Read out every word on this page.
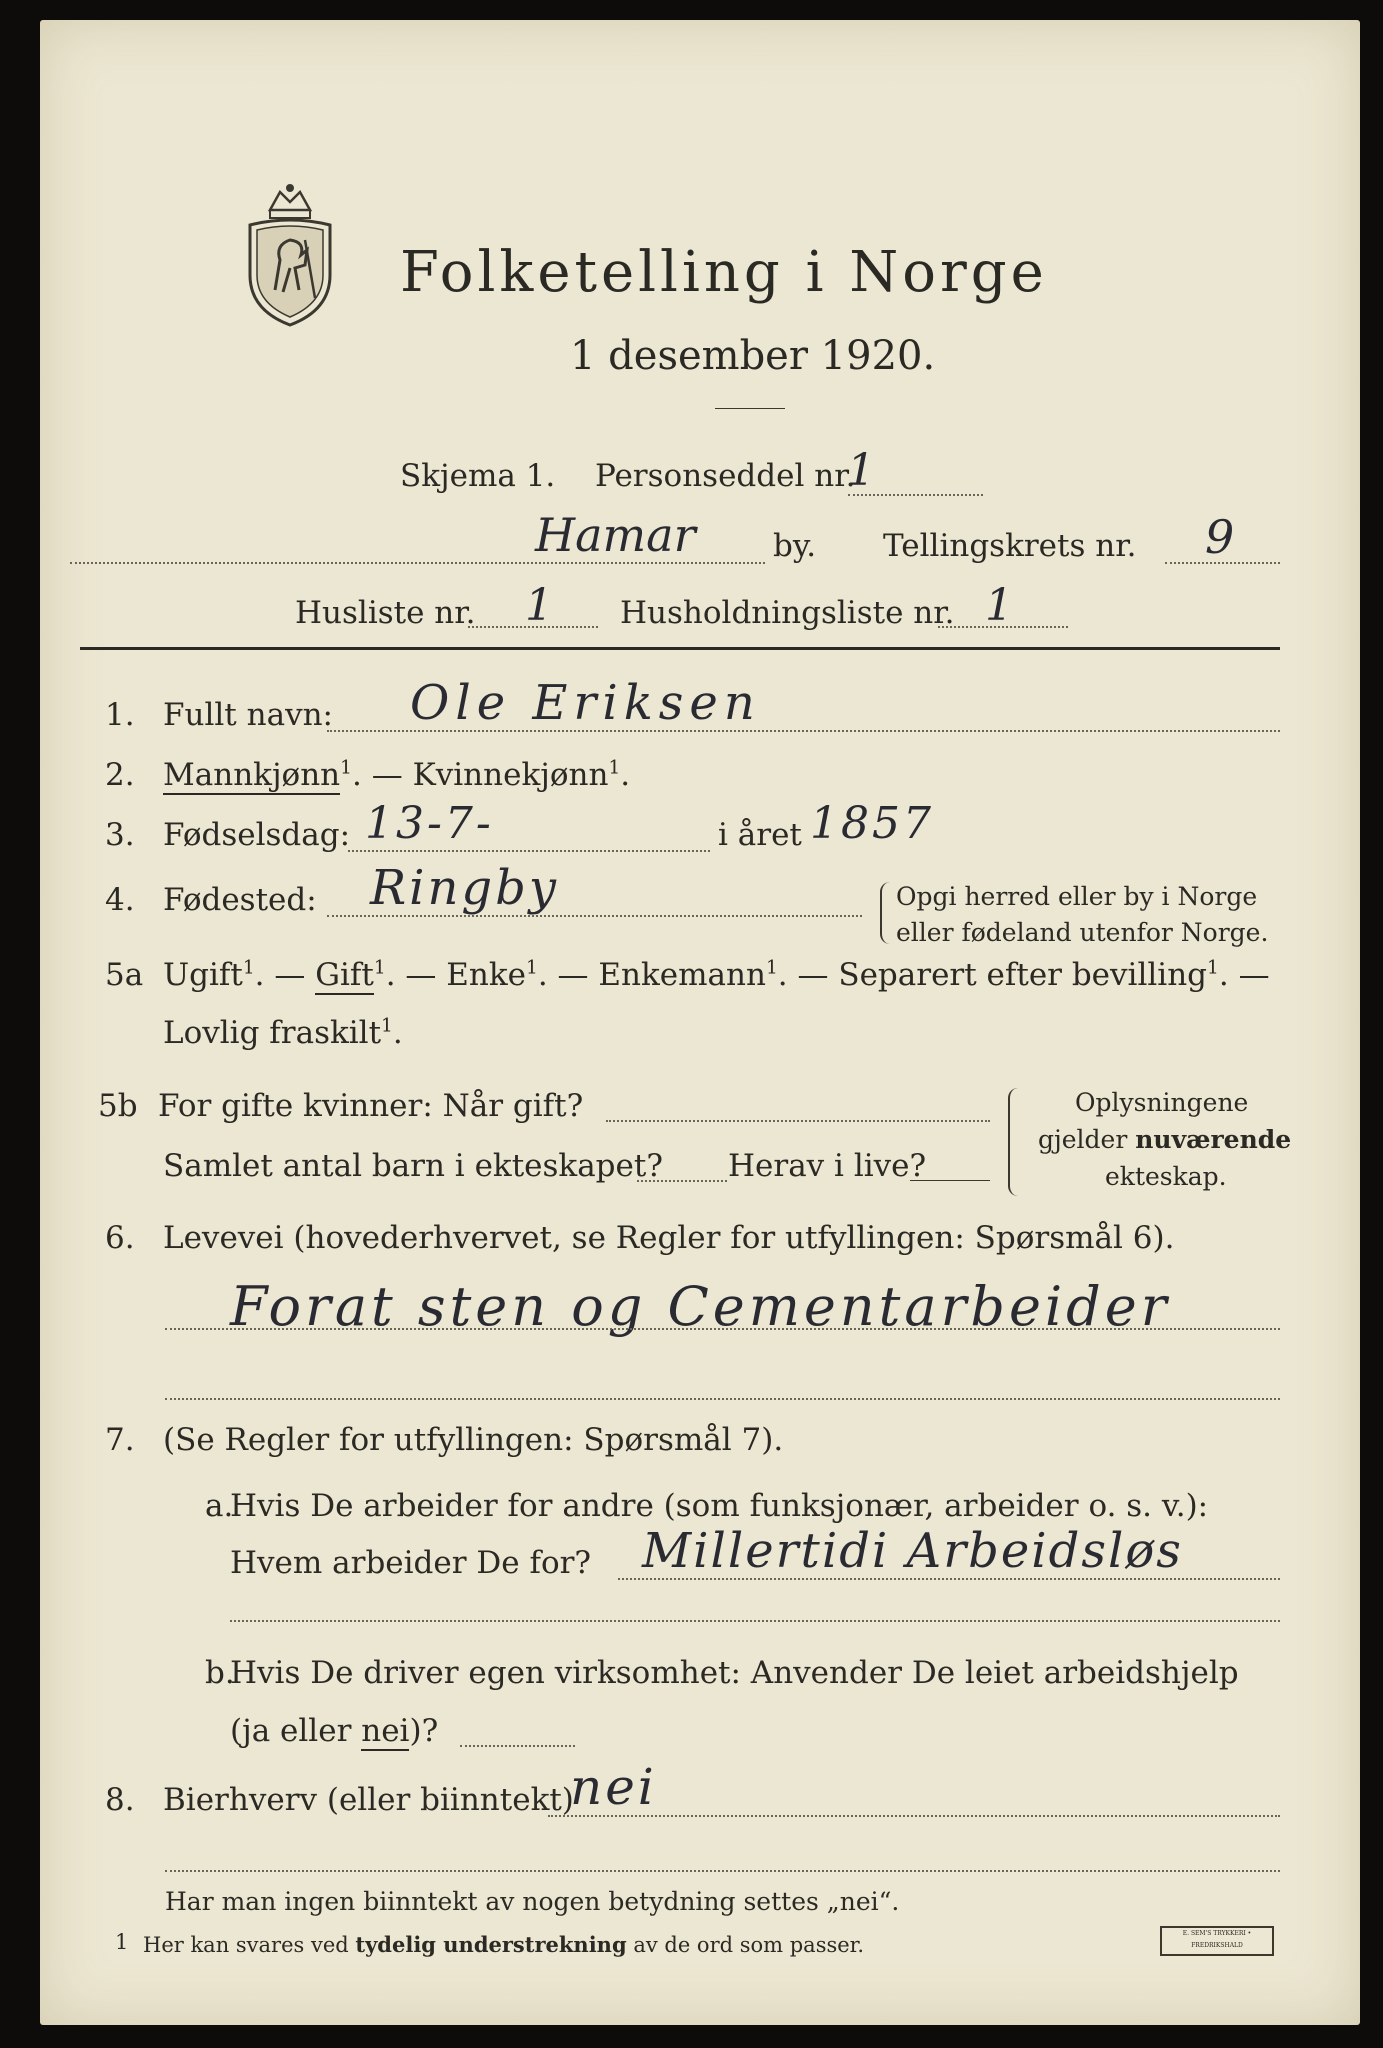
Folketelling i Norge
1 desember 1920.
Skjema 1. Personseddel nr.
1
Hamar by. Tellingskrets nr. 9
Husliste nr. 1 Husholdningsliste nr. 1
1. Fullt navn: Ole Eriksen
2. Mannkjønn$^1$. — Kvinnekjønn$^1$.
3. Fødselsdag: 13-7-	i året 1857
4. Fødested: Ringby	Opgi herred eller by i Norge
eller fødeland utenfor Norge.
5a Ugift$^1$. — Gift$^1$. — Enke$^1$. — Enkemann$^1$. — Separert efter bevilling$^1$. —
Lovlig fraskilt$^1$.
5b For gifte kvinner: Når gift?
Samlet antal barn i ekteskapet? Herav i live?
Oplysningene
gjelder nuværende
ekteskap.
6. Levevei (hovederhvervet, se Regler for utfyllingen: Spørsmål 6).
Forat sten og Cementarbeider
7. (Se Regler for utfyllingen: Spørsmål 7).
a.
Hvis De arbeider for andre (som funksjonær, arbeider o. s. v.):
Hvem arbeider De for? Millertidi Arbeidsløs
b.
Hvis De driver egen virksomhet: Anvender De leiet arbeidshjelp
(ja eller nei)?
8. Bierhverv (eller biinntekt)
nei
Har man ingen biinntekt av nogen betydning settes „nei“.
1 Her kan svares ved tydelig understrekning av de ord som passer.	E. SEM'S TRYKKERI • FREDRIKSHALD
